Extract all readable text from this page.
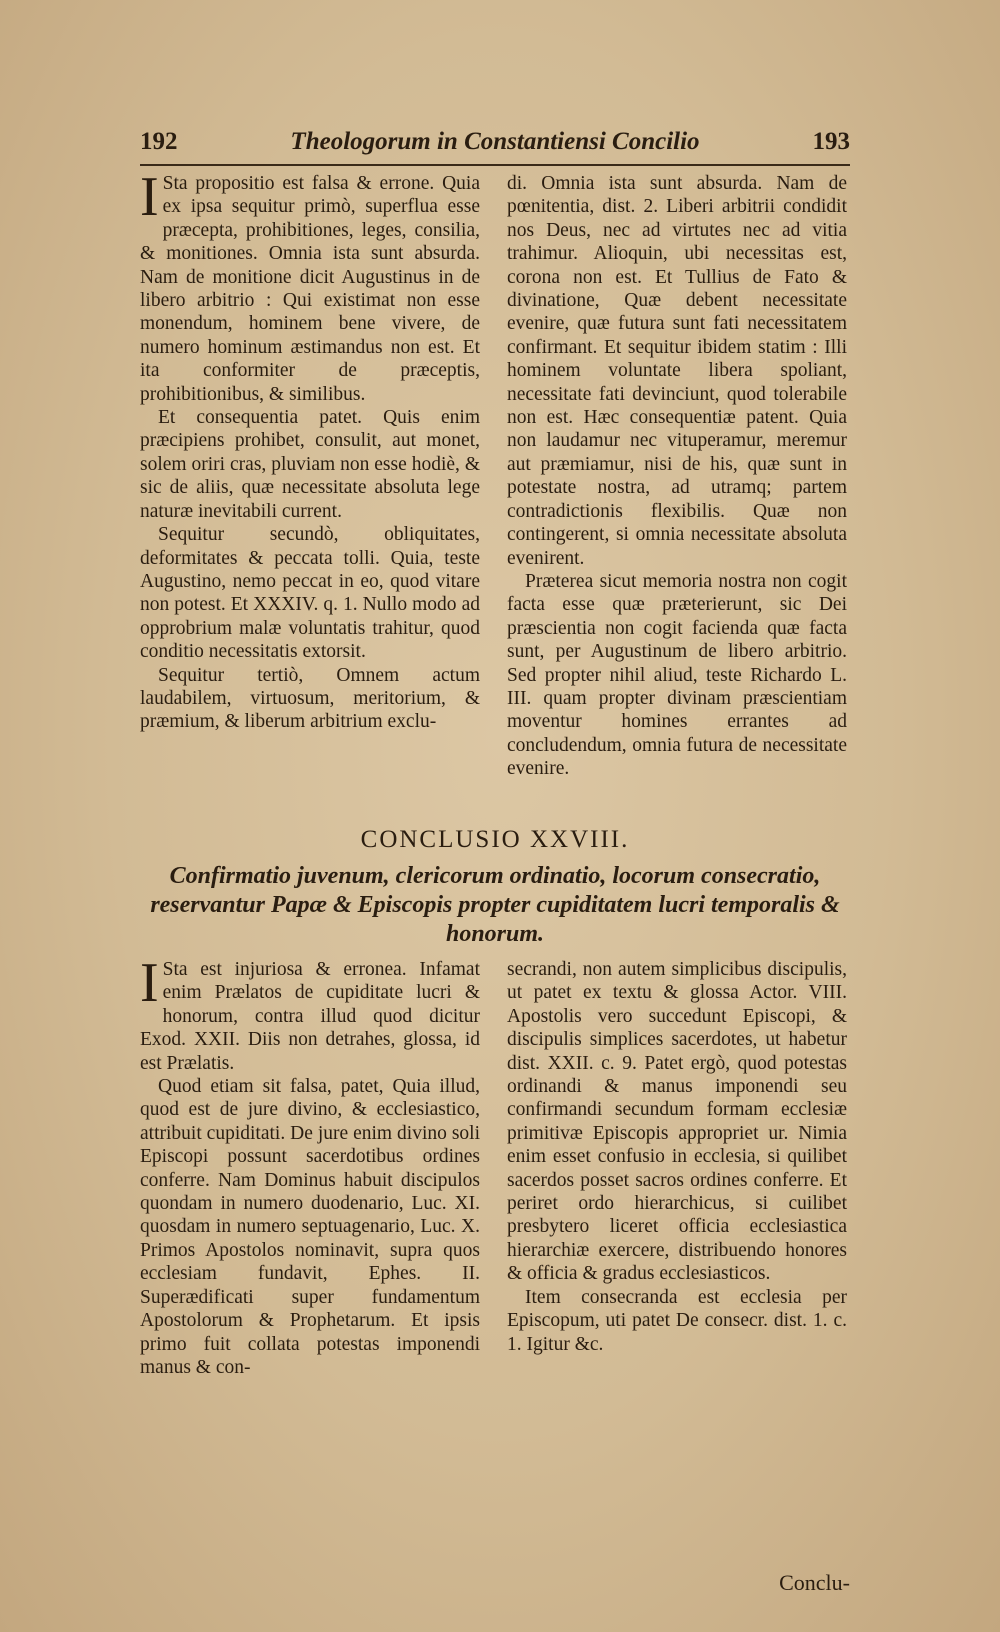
192	Theologorum in Constantiensi Concilio	193

ISta propositio est falsa & errone. Quia ex ipsa sequitur primò, superflua esse præcepta, prohibitiones, leges, consilia, & monitiones. Omnia ista sunt absurda. Nam de monitione dicit Augustinus in de libero arbitrio : Qui existimat non esse monendum, hominem bene vivere, de numero hominum æstimandus non est. Et ita conformiter de præceptis, prohibitionibus, & similibus.

Et consequentia patet. Quis enim præcipiens prohibet, consulit, aut monet, solem oriri cras, pluviam non esse hodiè, & sic de aliis, quæ necessitate absoluta lege naturæ inevitabili current.

Sequitur secundò, obliquitates, deformitates & peccata tolli. Quia, teste Augustino, nemo peccat in eo, quod vitare non potest. Et XXXIV. q. 1. Nullo modo ad opprobrium malæ voluntatis trahitur, quod conditio necessitatis extorsit.

Sequitur tertiò, Omnem actum laudabilem, virtuosum, meritorium, & præmium, & liberum arbitrium exclu-

di. Omnia ista sunt absurda. Nam de pœnitentia, dist. 2. Liberi arbitrii condidit nos Deus, nec ad virtutes nec ad vitia trahimur. Alioquin, ubi necessitas est, corona non est. Et Tullius de Fato & divinatione, Quæ debent necessitate evenire, quæ futura sunt fati necessitatem confirmant. Et sequitur ibidem statim : Illi hominem voluntate libera spoliant, necessitate fati devinciunt, quod tolerabile non est. Hæc consequentiæ patent. Quia non laudamur nec vituperamur, meremur aut præmiamur, nisi de his, quæ sunt in potestate nostra, ad utramq; partem contradictionis flexibilis. Quæ non contingerent, si omnia necessitate absoluta evenirent.

Præterea sicut memoria nostra non cogit facta esse quæ præterierunt, sic Dei præscientia non cogit facienda quæ facta sunt, per Augustinum de libero arbitrio. Sed propter nihil aliud, teste Richardo L. III. quam propter divinam præscientiam moventur homines errantes ad concludendum, omnia futura de necessitate evenire.

CONCLUSIO XXVIII.
Confirmatio juvenum, clericorum ordinatio, locorum consecratio, reservantur Papæ & Episcopis propter cupiditatem lucri temporalis & honorum.

ISta est injuriosa & erronea. Infamat enim Prælatos de cupiditate lucri & honorum, contra illud quod dicitur Exod. XXII. Diis non detrahes, glossa, id est Prælatis.

Quod etiam sit falsa, patet, Quia illud, quod est de jure divino, & ecclesiastico, attribuit cupiditati. De jure enim divino soli Episcopi possunt sacerdotibus ordines conferre. Nam Dominus habuit discipulos quondam in numero duodenario, Luc. XI. quosdam in numero septuagenario, Luc. X. Primos Apostolos nominavit, supra quos ecclesiam fundavit, Ephes. II. Superædificati super fundamentum Apostolorum & Prophetarum. Et ipsis primo fuit collata potestas imponendi manus & con-

secrandi, non autem simplicibus discipulis, ut patet ex textu & glossa Actor. VIII. Apostolis vero succedunt Episcopi, & discipulis simplices sacerdotes, ut habetur dist. XXII. c. 9. Patet ergò, quod potestas ordinandi & manus imponendi seu confirmandi secundum formam ecclesiæ primitivæ Episcopis appropriet ur. Nimia enim esset confusio in ecclesia, si quilibet sacerdos posset sacros ordines conferre. Et periret ordo hierarchicus, si cuilibet presbytero liceret officia ecclesiastica hierarchiæ exercere, distribuendo honores & officia & gradus ecclesiasticos.

Item consecranda est ecclesia per Episcopum, uti patet De consecr. dist. 1. c. 1. Igitur &c.

Conclu-
